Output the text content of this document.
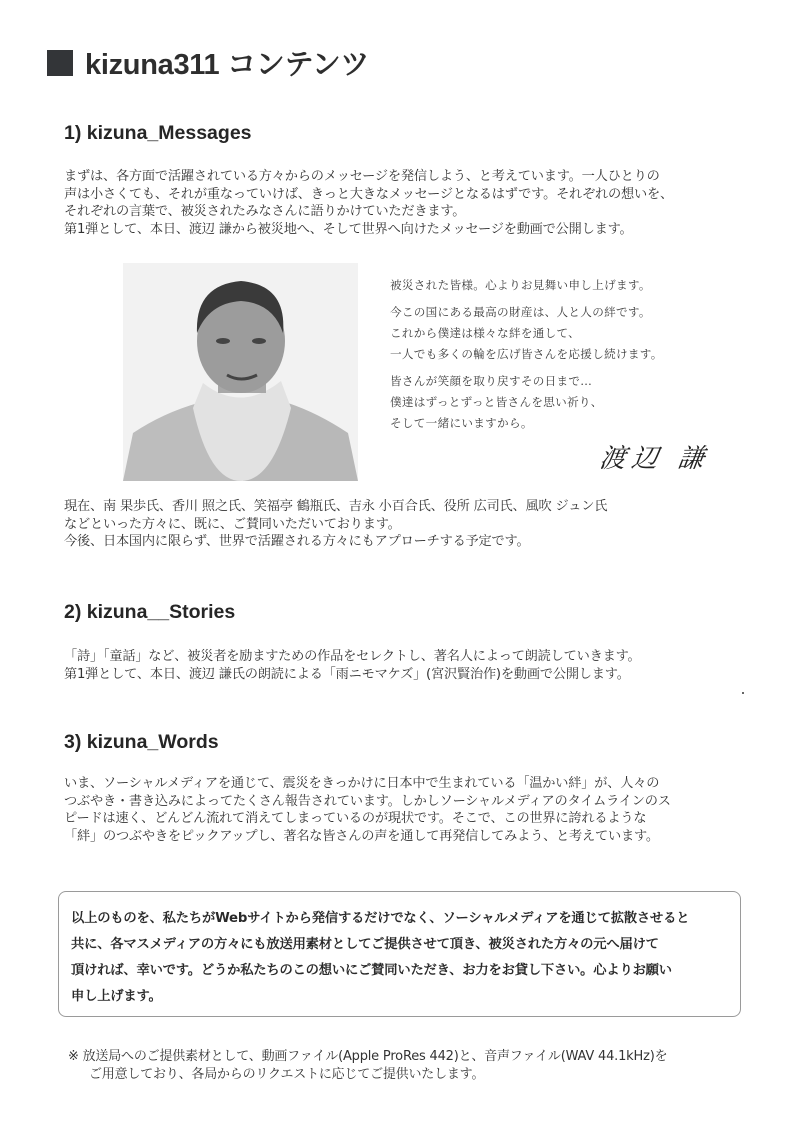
kizuna311 コンテンツ
1) kizuna_Messages
まずは、各方面で活躍されている方々からのメッセージを発信しよう、と考えています。一人ひとりの
声は小さくても、それが重なっていけば、きっと大きなメッセージとなるはずです。それぞれの想いを、
それぞれの言葉で、被災されたみなさんに語りかけていただきます。
第1弾として、本日、渡辺 謙から被災地へ、そして世界へ向けたメッセージを動画で公開します。
被災された皆様。心よりお見舞い申し上げます。
今この国にある最高の財産は、人と人の絆です。
これから僕達は様々な絆を通して、
一人でも多くの輪を広げ皆さんを応援し続けます。
皆さんが笑顔を取り戻すその日まで…
僕達はずっとずっと皆さんを思い祈り、
そして一緒にいますから。
渡辺 謙
現在、南 果歩氏、香川 照之氏、笑福亭 鶴瓶氏、吉永 小百合氏、役所 広司氏、風吹 ジュン氏
などといった方々に、既に、ご賛同いただいております。
今後、日本国内に限らず、世界で活躍される方々にもアプローチする予定です。
2) kizuna__Stories
「詩」「童話」など、被災者を励ますための作品をセレクトし、著名人によって朗読していきます。
第1弾として、本日、渡辺 謙氏の朗読による「雨ニモマケズ」(宮沢賢治作)を動画で公開します。
3) kizuna_Words
いま、ソーシャルメディアを通じて、震災をきっかけに日本中で生まれている「温かい絆」が、人々の
つぶやき・書き込みによってたくさん報告されています。しかしソーシャルメディアのタイムラインのス
ピードは速く、どんどん流れて消えてしまっているのが現状です。そこで、この世界に誇れるような
「絆」のつぶやきをピックアップし、著名な皆さんの声を通して再発信してみよう、と考えています。
以上のものを、私たちがWebサイトから発信するだけでなく、ソーシャルメディアを通じて拡散させると
共に、各マスメディアの方々にも放送用素材としてご提供させて頂き、被災された方々の元へ届けて
頂ければ、幸いです。どうか私たちのこの想いにご賛同いただき、お力をお貸し下さい。心よりお願い
申し上げます。
※ 放送局へのご提供素材として、動画ファイル(Apple ProRes 442)と、音声ファイル(WAV 44.1kHz)を
ご用意しており、各局からのリクエストに応じてご提供いたします。
